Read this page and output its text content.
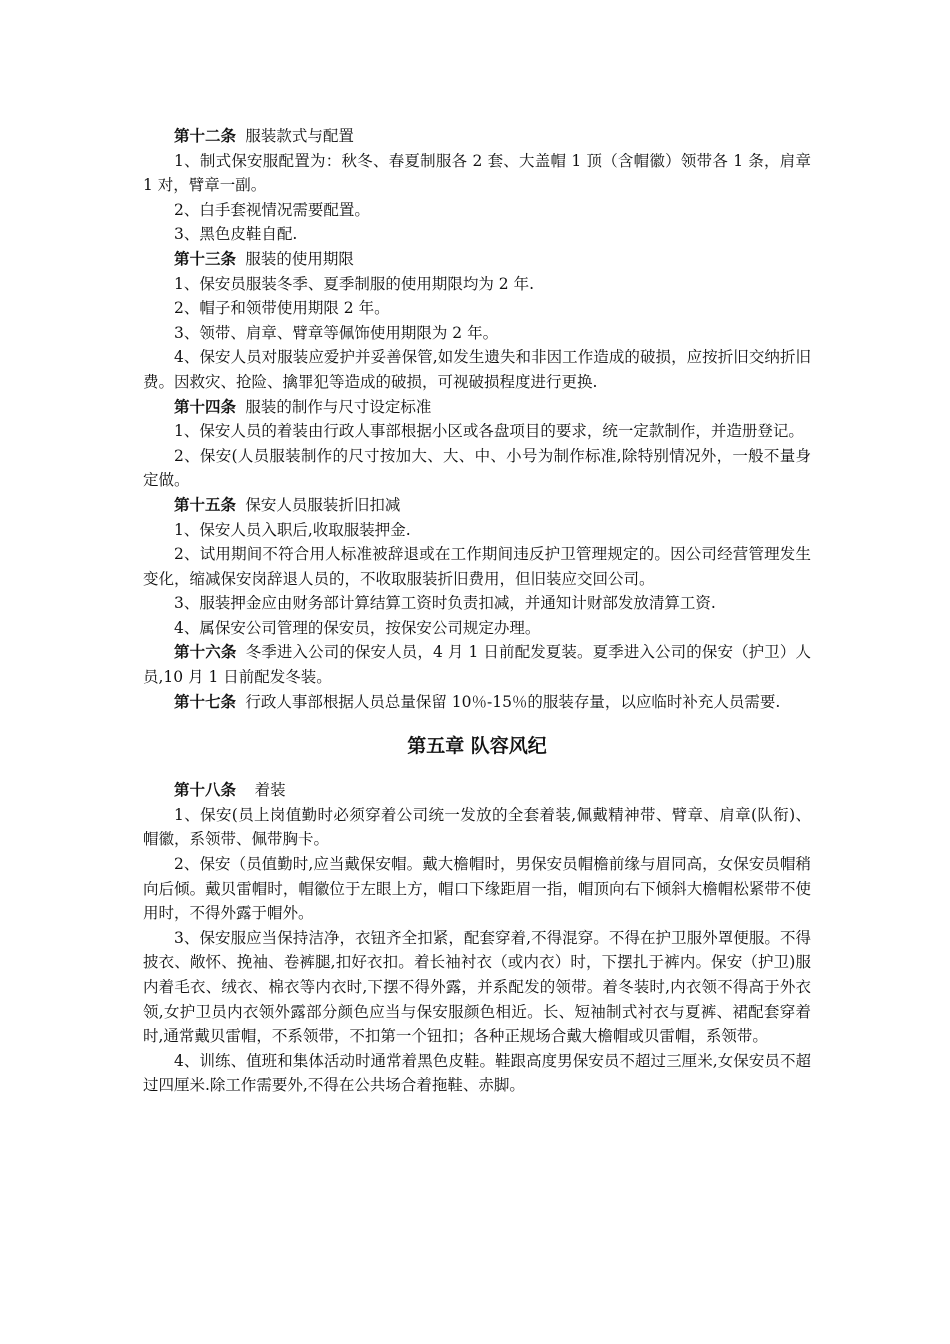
第十二条 服装款式与配置

1、制式保安服配置为：秋冬、春夏制服各 2 套、大盖帽 1 顶（含帽徽）领带各 1 条，肩章 1 对，臂章一副。

2、白手套视情况需要配置。

3、黑色皮鞋自配.

第十三条 服装的使用期限

1、保安员服装冬季、夏季制服的使用期限均为 2 年.

2、帽子和领带使用期限 2 年。

3、领带、肩章、臂章等佩饰使用期限为 2 年。

4、保安人员对服装应爱护并妥善保管,如发生遗失和非因工作造成的破损，应按折旧交纳折旧费。因救灾、抢险、擒罪犯等造成的破损，可视破损程度进行更换.

第十四条 服装的制作与尺寸设定标准

1、保安人员的着装由行政人事部根据小区或各盘项目的要求，统一定款制作，并造册登记。

2、保安(人员服装制作的尺寸按加大、大、中、小号为制作标准,除特别情况外，一般不量身定做。

第十五条 保安人员服装折旧扣减

1、保安人员入职后,收取服装押金.

2、试用期间不符合用人标准被辞退或在工作期间违反护卫管理规定的。因公司经营管理发生变化，缩减保安岗辞退人员的，不收取服装折旧费用，但旧装应交回公司。

3、服装押金应由财务部计算结算工资时负责扣减，并通知计财部发放清算工资.

4、属保安公司管理的保安员，按保安公司规定办理。

第十六条 冬季进入公司的保安人员，4 月 1 日前配发夏装。夏季进入公司的保安（护卫）人员,10 月 1 日前配发冬装。

第十七条 行政人事部根据人员总量保留 10％-15％的服装存量，以应临时补充人员需要.

第五章 队容风纪

第十八条 着装

1、保安(员上岗值勤时必须穿着公司统一发放的全套着装,佩戴精神带、臂章、肩章(队衔)、帽徽，系领带、佩带胸卡。

2、保安（员值勤时,应当戴保安帽。戴大檐帽时，男保安员帽檐前缘与眉同高，女保安员帽稍向后倾。戴贝雷帽时，帽徽位于左眼上方，帽口下缘距眉一指，帽顶向右下倾斜大檐帽松紧带不使用时，不得外露于帽外。

3、保安服应当保持洁净，衣钮齐全扣紧，配套穿着,不得混穿。不得在护卫服外罩便服。不得披衣、敞怀、挽袖、卷裤腿,扣好衣扣。着长袖衬衣（或内衣）时，下摆扎于裤内。保安（护卫)服内着毛衣、绒衣、棉衣等内衣时,下摆不得外露，并系配发的领带。着冬装时,内衣领不得高于外衣领,女护卫员内衣领外露部分颜色应当与保安服颜色相近。长、短袖制式衬衣与夏裤、裙配套穿着时,通常戴贝雷帽，不系领带，不扣第一个钮扣；各种正规场合戴大檐帽或贝雷帽，系领带。

4、训练、值班和集体活动时通常着黑色皮鞋。鞋跟高度男保安员不超过三厘米,女保安员不超过四厘米.除工作需要外,不得在公共场合着拖鞋、赤脚。
